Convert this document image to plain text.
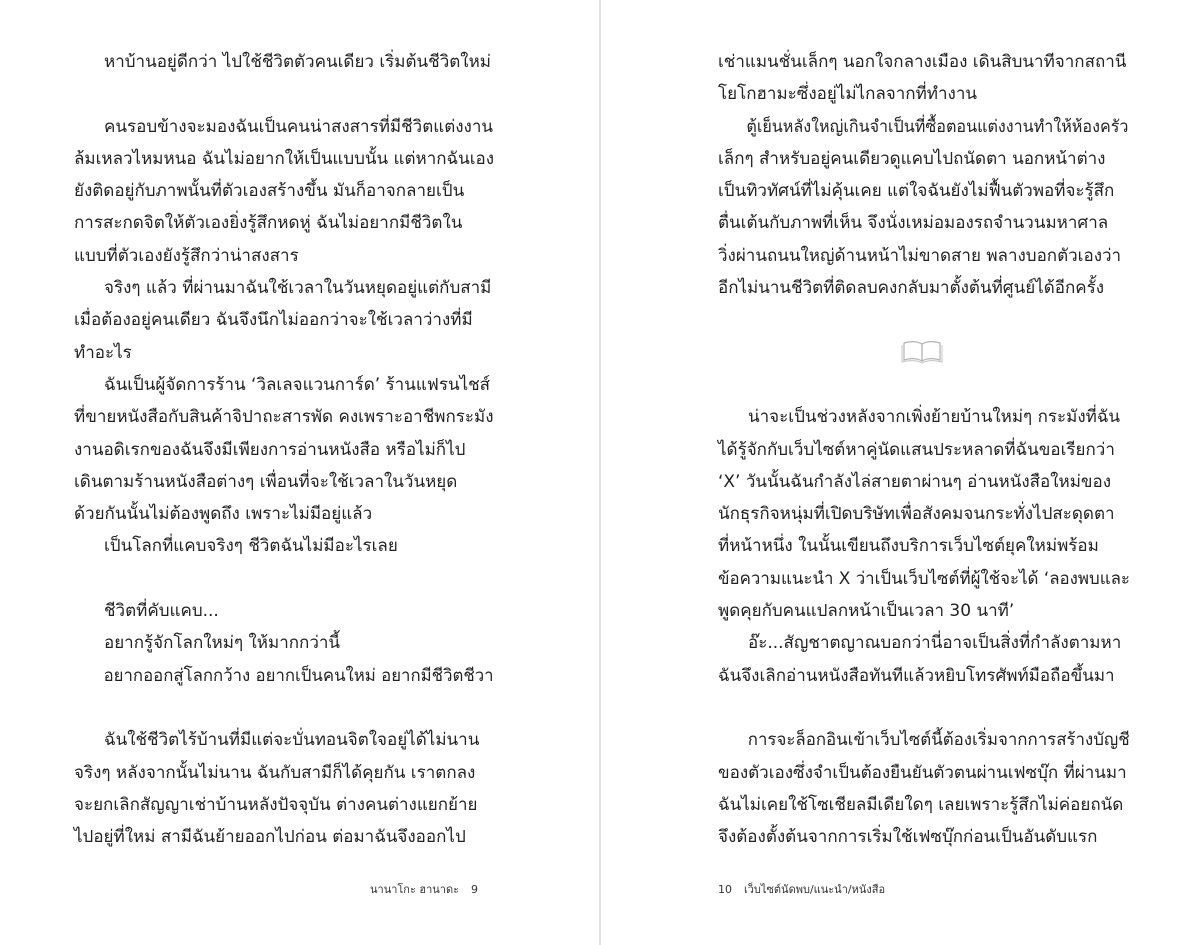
หาบ้านอยู่ดีกว่า ไปใช้ชีวิตตัวคนเดียว เริ่มต้นชีวิตใหม่
คนรอบข้างจะมองฉันเป็นคนน่าสงสารที่มีชีวิตแต่งงาน
ล้มเหลวไหมหนอ ฉันไม่อยากให้เป็นแบบนั้น แต่หากฉันเอง
ยังติดอยู่กับภาพนั้นที่ตัวเองสร้างขึ้น มันก็อาจกลายเป็น
การสะกดจิตให้ตัวเองยิ่งรู้สึกหดหู่ ฉันไม่อยากมีชีวิตใน
แบบที่ตัวเองยังรู้สึกว่าน่าสงสาร
จริงๆ แล้ว ที่ผ่านมาฉันใช้เวลาในวันหยุดอยู่แต่กับสามี
เมื่อต้องอยู่คนเดียว ฉันจึงนึกไม่ออกว่าจะใช้เวลาว่างที่มี
ทำอะไร
ฉันเป็นผู้จัดการร้าน ‘วิลเลจแวนการ์ด’ ร้านแฟรนไชส์
ที่ขายหนังสือกับสินค้าจิปาถะสารพัด คงเพราะอาชีพกระมัง
งานอดิเรกของฉันจึงมีเพียงการอ่านหนังสือ หรือไม่ก็ไป
เดินตามร้านหนังสือต่างๆ เพื่อนที่จะใช้เวลาในวันหยุด
ด้วยกันนั้นไม่ต้องพูดถึง เพราะไม่มีอยู่แล้ว
เป็นโลกที่แคบจริงๆ ชีวิตฉันไม่มีอะไรเลย
ชีวิตที่คับแคบ...
อยากรู้จักโลกใหม่ๆ ให้มากกว่านี้
อยากออกสู่โลกกว้าง อยากเป็นคนใหม่ อยากมีชีวิตชีวา
ฉันใช้ชีวิตไร้บ้านที่มีแต่จะบั่นทอนจิตใจอยู่ได้ไม่นาน
จริงๆ หลังจากนั้นไม่นาน ฉันกับสามีก็ได้คุยกัน เราตกลง
จะยกเลิกสัญญาเช่าบ้านหลังปัจจุบัน ต่างคนต่างแยกย้าย
ไปอยู่ที่ใหม่ สามีฉันย้ายออกไปก่อน ต่อมาฉันจึงออกไป
นานาโกะ ฮานาดะ 9
เช่าแมนชั่นเล็กๆ นอกใจกลางเมือง เดินสิบนาทีจากสถานี
โยโกฮามะซึ่งอยู่ไม่ไกลจากที่ทำงาน
ตู้เย็นหลังใหญ่เกินจำเป็นที่ซื้อตอนแต่งงานทำให้ห้องครัว
เล็กๆ สำหรับอยู่คนเดียวดูแคบไปถนัดตา นอกหน้าต่าง
เป็นทิวทัศน์ที่ไม่คุ้นเคย แต่ใจฉันยังไม่ฟื้นตัวพอที่จะรู้สึก
ตื่นเต้นกับภาพที่เห็น จึงนั่งเหม่อมองรถจำนวนมหาศาล
วิ่งผ่านถนนใหญ่ด้านหน้าไม่ขาดสาย พลางบอกตัวเองว่า
อีกไม่นานชีวิตที่ติดลบคงกลับมาตั้งต้นที่ศูนย์ได้อีกครั้ง
น่าจะเป็นช่วงหลังจากเพิ่งย้ายบ้านใหม่ๆ กระมังที่ฉัน
ได้รู้จักกับเว็บไซต์หาคู่นัดแสนประหลาดที่ฉันขอเรียกว่า
‘X’ วันนั้นฉันกำลังไล่สายตาผ่านๆ อ่านหนังสือใหม่ของ
นักธุรกิจหนุ่มที่เปิดบริษัทเพื่อสังคมจนกระทั่งไปสะดุดตา
ที่หน้าหนึ่ง ในนั้นเขียนถึงบริการเว็บไซต์ยุคใหม่พร้อม
ข้อความแนะนำ X ว่าเป็นเว็บไซต์ที่ผู้ใช้จะได้ ‘ลองพบและ
พูดคุยกับคนแปลกหน้าเป็นเวลา 30 นาที’
อ๊ะ...สัญชาตญาณบอกว่านี่อาจเป็นสิ่งที่กำลังตามหา
ฉันจึงเลิกอ่านหนังสือทันทีแล้วหยิบโทรศัพท์มือถือขึ้นมา
การจะล็อกอินเข้าเว็บไซต์นี้ต้องเริ่มจากการสร้างบัญชี
ของตัวเองซึ่งจำเป็นต้องยืนยันตัวตนผ่านเฟซบุ๊ก ที่ผ่านมา
ฉันไม่เคยใช้โซเชียลมีเดียใดๆ เลยเพราะรู้สึกไม่ค่อยถนัด
จึงต้องตั้งต้นจากการเริ่มใช้เฟซบุ๊กก่อนเป็นอันดับแรก
10 เว็บไซต์นัดพบ/แนะนำ/หนังสือ
